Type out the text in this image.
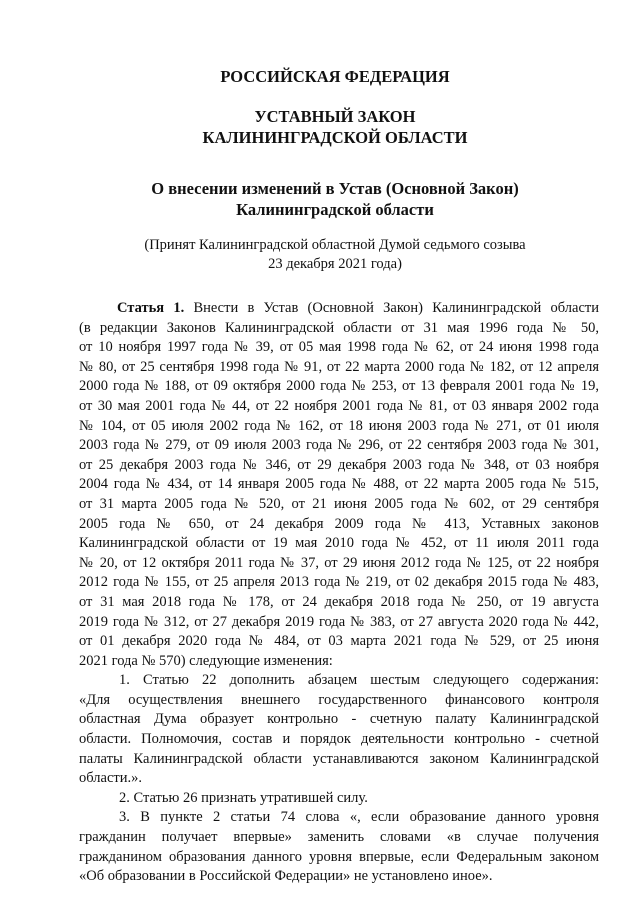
РОССИЙСКАЯ ФЕДЕРАЦИЯ
УСТАВНЫЙ ЗАКОН
КАЛИНИНГРАДСКОЙ ОБЛАСТИ
О внесении изменений в Устав (Основной Закон)
Калининградской области
(Принят Калининградской областной Думой седьмого созыва
23 декабря 2021 года)
Статья 1. Внести в Устав (Основной Закон) Калининградской области
(в редакции Законов Калининградской области от 31 мая 1996 года № 50,
от 10 ноября 1997 года № 39, от 05 мая 1998 года № 62, от 24 июня 1998 года
№ 80, от 25 сентября 1998 года № 91, от 22 марта 2000 года № 182, от 12 апреля
2000 года № 188, от 09 октября 2000 года № 253, от 13 февраля 2001 года № 19,
от 30 мая 2001 года № 44, от 22 ноября 2001 года № 81, от 03 января 2002 года
№ 104, от 05 июля 2002 года № 162, от 18 июня 2003 года № 271, от 01 июля
2003 года № 279, от 09 июля 2003 года № 296, от 22 сентября 2003 года № 301,
от 25 декабря 2003 года № 346, от 29 декабря 2003 года № 348, от 03 ноября
2004 года № 434, от 14 января 2005 года № 488, от 22 марта 2005 года № 515,
от 31 марта 2005 года № 520, от 21 июня 2005 года № 602, от 29 сентября
2005 года № 650, от 24 декабря 2009 года № 413, Уставных законов
Калининградской области от 19 мая 2010 года № 452, от 11 июля 2011 года
№ 20, от 12 октября 2011 года № 37, от 29 июня 2012 года № 125, от 22 ноября
2012 года № 155, от 25 апреля 2013 года № 219, от 02 декабря 2015 года № 483,
от 31 мая 2018 года № 178, от 24 декабря 2018 года № 250, от 19 августа
2019 года № 312, от 27 декабря 2019 года № 383, от 27 августа 2020 года № 442,
от 01 декабря 2020 года № 484, от 03 марта 2021 года № 529, от 25 июня
2021 года № 570) следующие изменения:
1. Статью 22 дополнить абзацем шестым следующего содержания:
«Для осуществления внешнего государственного финансового контроля
областная Дума образует контрольно - счетную палату Калининградской
области. Полномочия, состав и порядок деятельности контрольно - счетной
палаты Калининградской области устанавливаются законом Калининградской
области.».
2. Статью 26 признать утратившей силу.
3. В пункте 2 статьи 74 слова «, если образование данного уровня
гражданин получает впервые» заменить словами «в случае получения
гражданином образования данного уровня впервые, если Федеральным законом
«Об образовании в Российской Федерации» не установлено иное».
